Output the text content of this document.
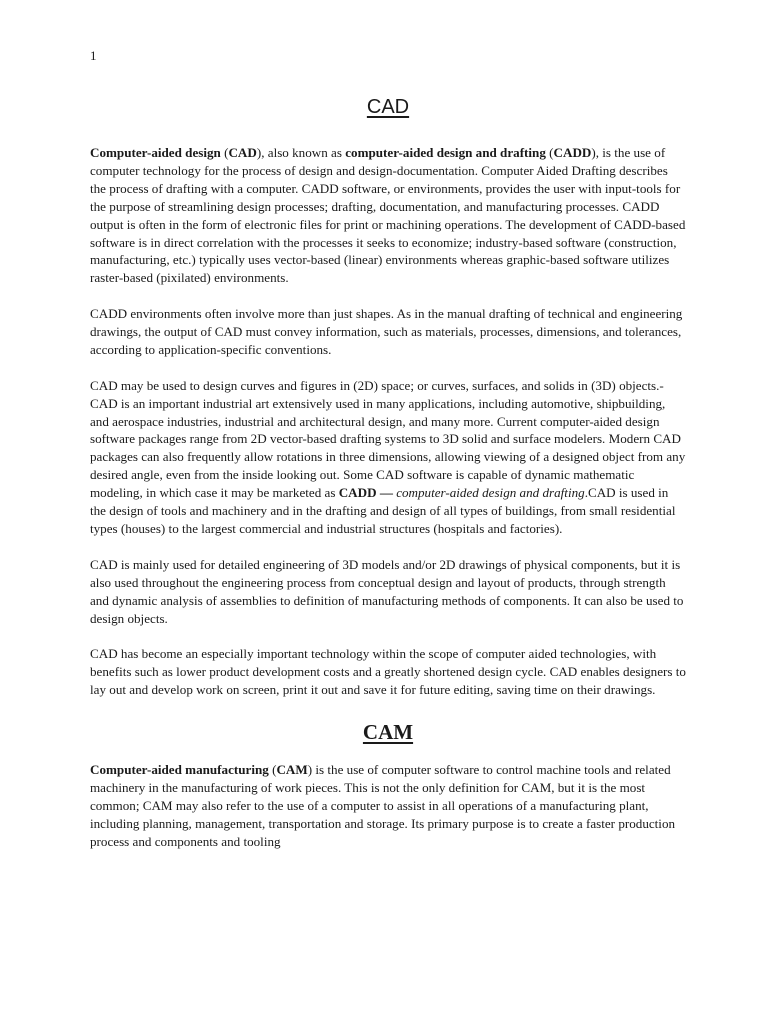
1
CAD

Computer-aided design (CAD), also known as computer-aided design and drafting (CADD), is the use of computer technology for the process of design and design-documentation. Computer Aided Drafting describes the process of drafting with a computer. CADD software, or environments, provides the user with input-tools for the purpose of streamlining design processes; drafting, documentation, and manufacturing processes. CADD output is often in the form of electronic files for print or machining operations. The development of CADD-based software is in direct correlation with the processes it seeks to economize; industry-based software (construction, manufacturing, etc.) typically uses vector-based (linear) environments whereas graphic-based software utilizes raster-based (pixilated) environments.

CADD environments often involve more than just shapes. As in the manual drafting of technical and engineering drawings, the output of CAD must convey information, such as materials, processes, dimensions, and tolerances, according to application-specific conventions.

CAD may be used to design curves and figures in (2D) space; or curves, surfaces, and solids in (3D) objects.-CAD is an important industrial art extensively used in many applications, including automotive, shipbuilding, and aerospace industries, industrial and architectural design, and many more. Current computer-aided design software packages range from 2D vector-based drafting systems to 3D solid and surface modelers. Modern CAD packages can also frequently allow rotations in three dimensions, allowing viewing of a designed object from any desired angle, even from the inside looking out. Some CAD software is capable of dynamic mathematic modeling, in which case it may be marketed as CADD — computer-aided design and drafting.CAD is used in the design of tools and machinery and in the drafting and design of all types of buildings, from small residential types (houses) to the largest commercial and industrial structures (hospitals and factories).

CAD is mainly used for detailed engineering of 3D models and/or 2D drawings of physical components, but it is also used throughout the engineering process from conceptual design and layout of products, through strength and dynamic analysis of assemblies to definition of manufacturing methods of components. It can also be used to design objects.

CAD has become an especially important technology within the scope of computer aided technologies, with benefits such as lower product development costs and a greatly shortened design cycle. CAD enables designers to lay out and develop work on screen, print it out and save it for future editing, saving time on their drawings.

CAM

Computer-aided manufacturing (CAM) is the use of computer software to control machine tools and related machinery in the manufacturing of work pieces. This is not the only definition for CAM, but it is the most common; CAM may also refer to the use of a computer to assist in all operations of a manufacturing plant, including planning, management, transportation and storage. Its primary purpose is to create a faster production process and components and tooling
